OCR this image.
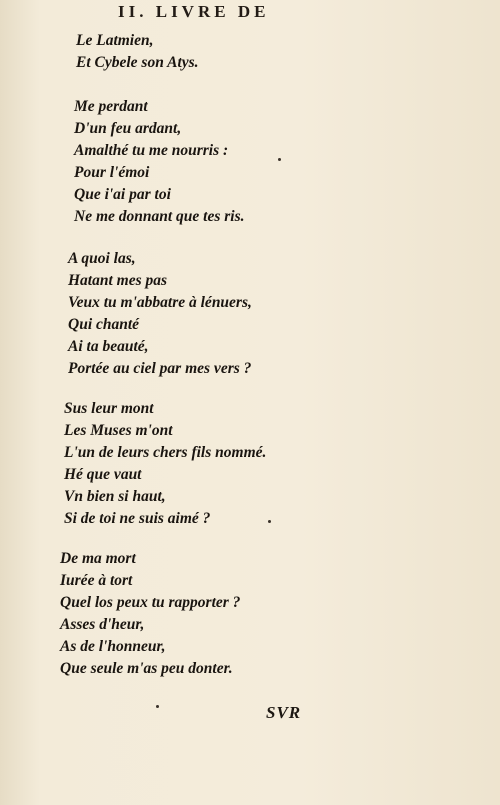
II. LIVRE DE
Le Latmien,
Et Cybele son Atys.
Me perdant
D'un feu ardant,
Amalthé tu me nourris :
Pour l'émoi
Que i'ai par toi
Ne me donnant que tes ris.
A quoi las,
Hatant mes pas
Veux tu m'abbatre à lénuers,
Qui chanté
Ai ta beauté,
Portée au ciel par mes vers ?
Sus leur mont
Les Muses m'ont
L'un de leurs chers fils nommé.
Hé que vaut
Vn bien si haut,
Si de toi ne suis aimé ?
De ma mort
Iurée à tort
Quel los peux tu rapporter ?
Asses d'heur,
As de l'honneur,
Que seule m'as peu donter.
SVR
